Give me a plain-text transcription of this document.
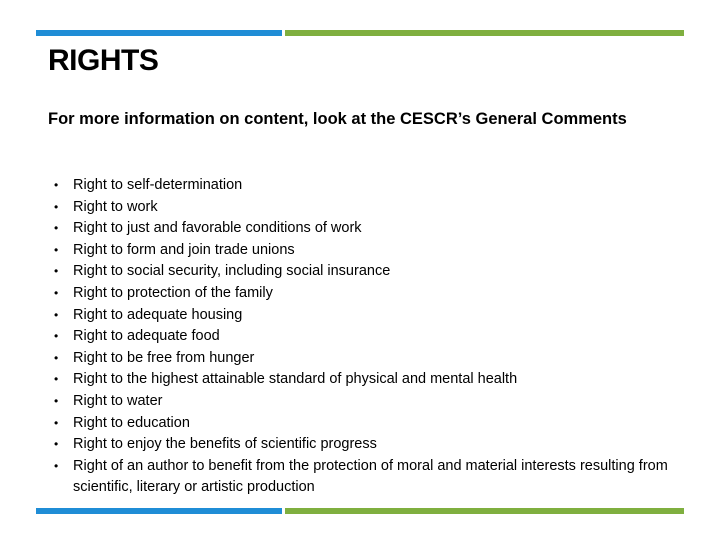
RIGHTS
For more information on content, look at the CESCR’s General Comments
• Right to self-determination
• Right to work
• Right to just and favorable conditions of work
• Right to form and join trade unions
• Right to social security, including social insurance
• Right to protection of the family
• Right to adequate housing
• Right to adequate food
• Right to be free from hunger
• Right to the highest attainable standard of physical and mental health
• Right to water
• Right to education
• Right to enjoy the benefits of scientific progress
• Right of an author to benefit from the protection of moral and material interests resulting from scientific, literary or artistic production
